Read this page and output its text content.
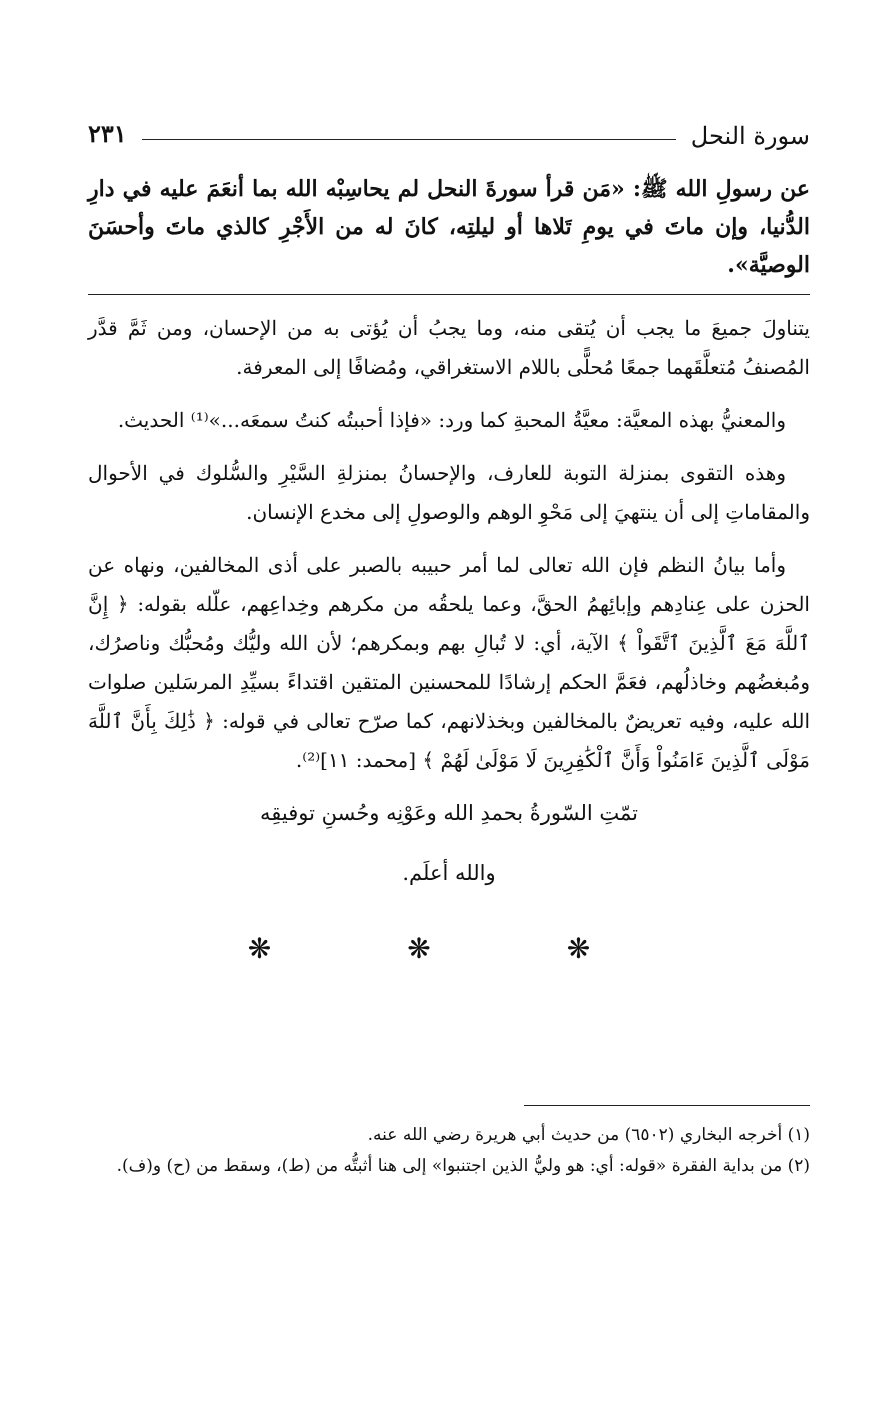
سورة النحل
٢٣١
عن رسولِ الله ﷺ: «مَن قرأ سورةَ النحل لم يحاسِبْه الله بما أنعَمَ عليه في دارِ الدُّنيا، وإن ماتَ في يومِ تَلاها أو ليلتِه، كانَ له من الأَجْرِ كالذي ماتَ وأحسَنَ الوصيَّة».

يتناولَ جميعَ ما يجب أن يُتقى منه، وما يجبُ أن يُؤتى به من الإحسان، ومن ثَمَّ قدَّر المُصنفُ مُتعلَّقَهما جمعًا مُحلًّى باللام الاستغراقي، ومُضافًا إلى المعرفة.

والمعنيُّ بهذه المعيَّة: معيَّةُ المحبةِ كما ورد: «فإذا أحببتُه كنتُ سمعَه...»⁽¹⁾ الحديث.

وهذه التقوى بمنزلة التوبة للعارف، والإحسانُ بمنزلةِ السَّيْرِ والسُّلوك في الأحوال والمقاماتِ إلى أن ينتهيَ إلى مَحْوِ الوهم والوصولِ إلى مخدع الإنسان.

وأما بيانُ النظم فإن الله تعالى لما أمر حبيبه بالصبر على أذى المخالفين، ونهاه عن الحزن على عِنادِهم وإبائِهمُ الحقَّ، وعما يلحقُه من مكرهم وخِداعِهم، علّله بقوله: ﴿ إِنَّ ٱللَّهَ مَعَ ٱلَّذِينَ ٱتَّقَواْ ﴾ الآية، أي: لا تُبالِ بهم وبمكرهم؛ لأن الله وليُّك ومُحبُّك وناصرُك، ومُبغضُهم وخاذلُهم، فعَمَّ الحكم إرشادًا للمحسنين المتقين اقتداءً بسيِّدِ المرسَلين صلوات الله عليه، وفيه تعريضٌ بالمخالفين وبخذلانهم، كما صرّح تعالى في قوله: ﴿ ذَٰلِكَ بِأَنَّ ٱللَّهَ مَوْلَى ٱلَّذِينَ ءَامَنُواْ وَأَنَّ ٱلْكَٰفِرِينَ لَا مَوْلَىٰ لَهُمْ ﴾ [محمد: ١١]⁽²⁾.

تمّتِ السّورةُ بحمدِ الله وعَوْنِه وحُسنِ توفيقِه
والله أعلَم.
❋❋❋

(١) أخرجه البخاري (٦٥٠٢) من حديث أبي هريرة رضي الله عنه.

(٢) من بداية الفقرة «قوله: أي: هو وليُّ الذين اجتنبوا» إلى هنا أثبتُّه من (ط)، وسقط من (ح) و(ف).
